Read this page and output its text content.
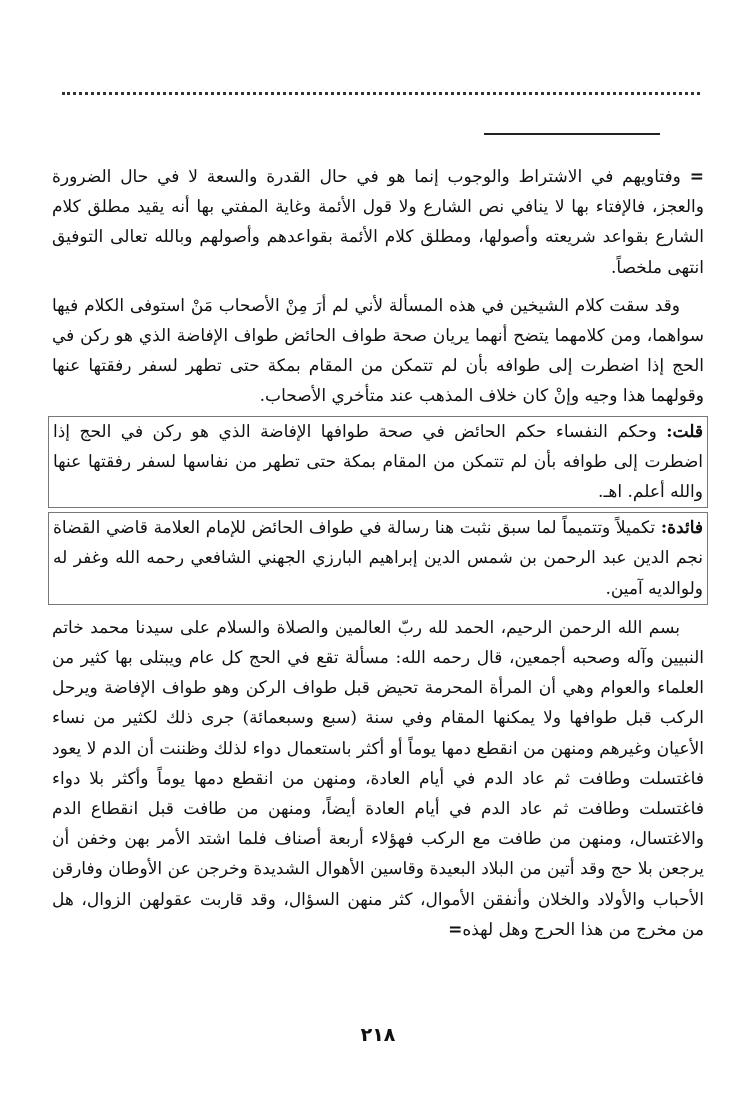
= وفتاويهم في الاشتراط والوجوب إنما هو في حال القدرة والسعة لا في حال الضرورة والعجز، فالإفتاء بها لا ينافي نص الشارع ولا قول الأئمة وغاية المفتي بها أنه يقيد مطلق كلام الشارع بقواعد شريعته وأصولها، ومطلق كلام الأئمة بقواعدهم وأصولهم وبالله تعالى التوفيق انتهى ملخصاً.

وقد سقت كلام الشيخين في هذه المسألة لأني لم أرَ مِنْ الأصحاب مَنْ استوفى الكلام فيها سواهما، ومن كلامهما يتضح أنهما يريان صحة طواف الحائض طواف الإفاضة الذي هو ركن في الحج إذا اضطرت إلى طوافه بأن لم تتمكن من المقام بمكة حتى تطهر لسفر رفقتها عنها وقولهما هذا وجيه وإنْ كان خلاف المذهب عند متأخري الأصحاب.

قلت: وحكم النفساء حكم الحائض في صحة طوافها الإفاضة الذي هو ركن في الحج إذا اضطرت إلى طوافه بأن لم تتمكن من المقام بمكة حتى تطهر من نفاسها لسفر رفقتها عنها والله أعلم. اهـ.

فائدة: تكميلاً وتتميماً لما سبق نثبت هنا رسالة في طواف الحائض للإمام العلامة قاضي القضاة نجم الدين عبد الرحمن بن شمس الدين إبراهيم البارزي الجهني الشافعي رحمه الله وغفر له ولوالديه آمين.

بسم الله الرحمن الرحيم، الحمد لله ربّ العالمين والصلاة والسلام على سيدنا محمد خاتم النبيين وآله وصحبه أجمعين، قال رحمه الله: مسألة تقع في الحج كل عام ويبتلى بها كثير من العلماء والعوام وهي أن المرأة المحرمة تحيض قبل طواف الركن وهو طواف الإفاضة ويرحل الركب قبل طوافها ولا يمكنها المقام وفي سنة (سبع وسبعمائة) جرى ذلك لكثير من نساء الأعيان وغيرهم ومنهن من انقطع دمها يوماً أو أكثر باستعمال دواء لذلك وظننت أن الدم لا يعود فاغتسلت وطافت ثم عاد الدم في أيام العادة، ومنهن من انقطع دمها يوماً وأكثر بلا دواء فاغتسلت وطافت ثم عاد الدم في أيام العادة أيضاً، ومنهن من طافت قبل انقطاع الدم والاغتسال، ومنهن من طافت مع الركب فهؤلاء أربعة أصناف فلما اشتد الأمر بهن وخفن أن يرجعن بلا حج وقد أتين من البلاد البعيدة وقاسين الأهوال الشديدة وخرجن عن الأوطان وفارقن الأحباب والأولاد والخلان وأنفقن الأموال، كثر منهن السؤال، وقد قاربت عقولهن الزوال، هل من مخرج من هذا الحرج وهل لهذه=

٢١٨
